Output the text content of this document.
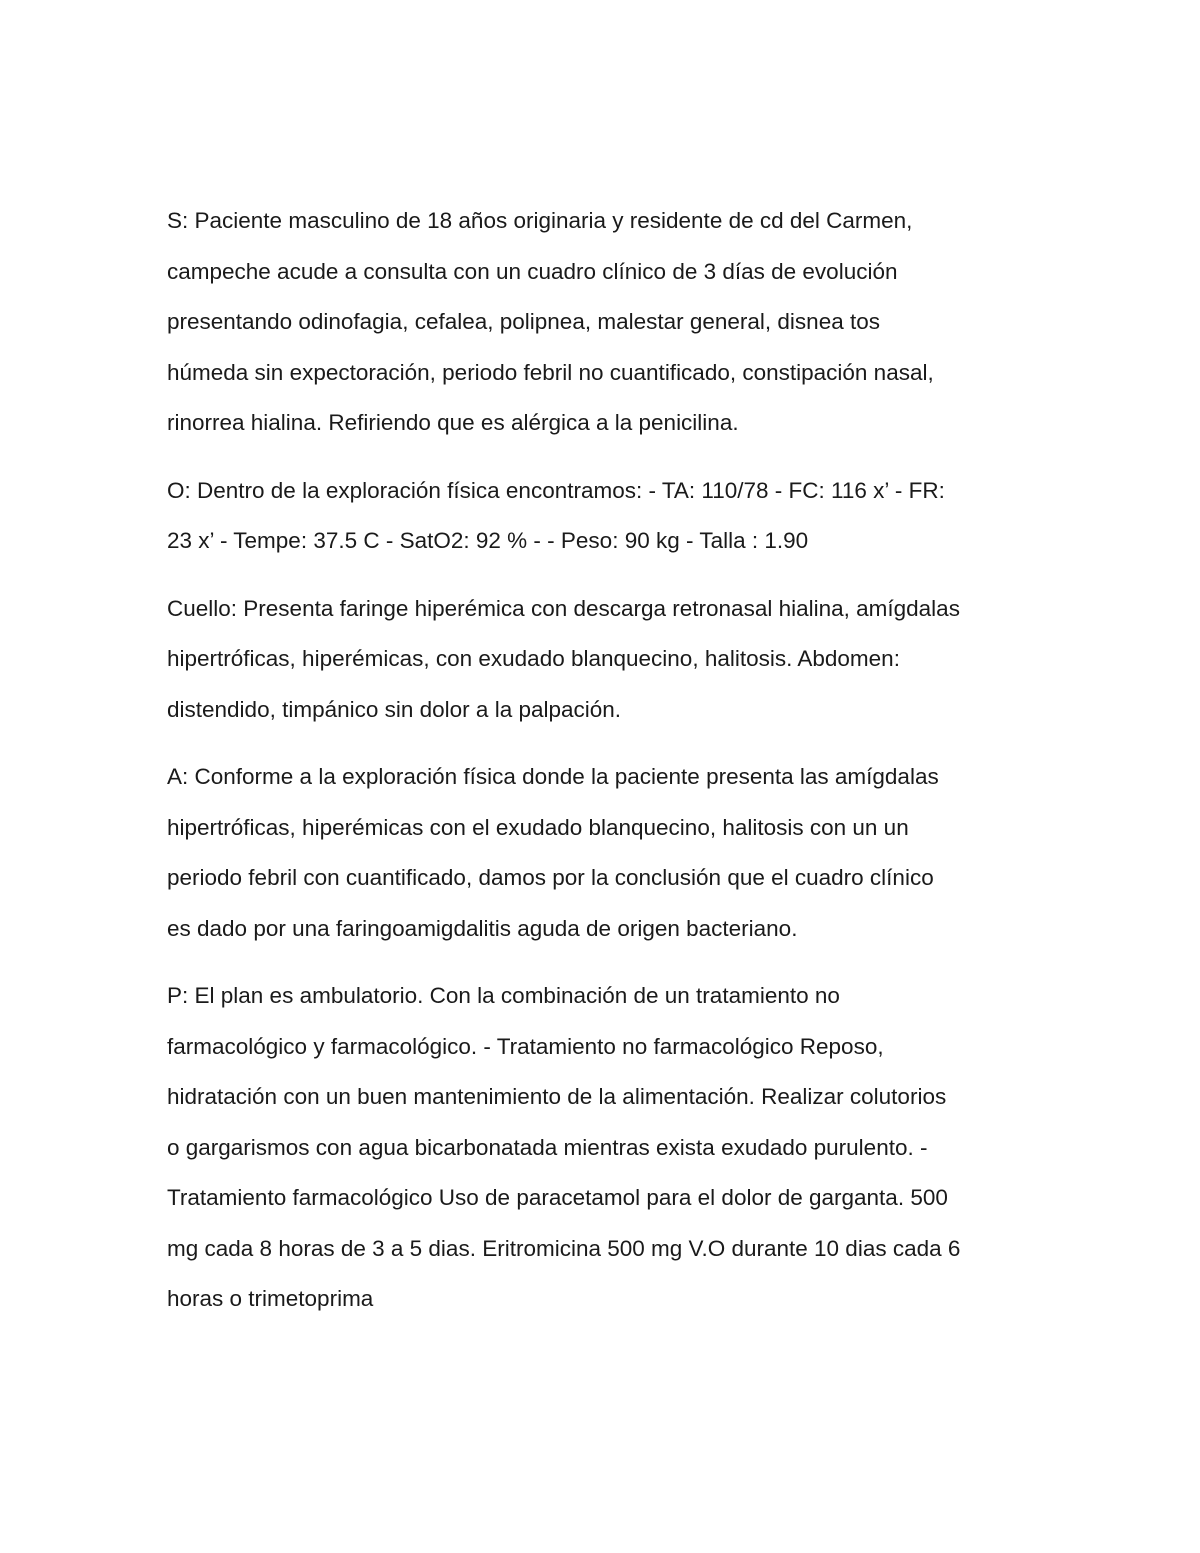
S: Paciente masculino de 18 años originaria y residente de cd del Carmen,
campeche acude a consulta con un cuadro clínico de 3 días de evolución
presentando odinofagia, cefalea, polipnea, malestar general, disnea tos
húmeda sin expectoración, periodo febril no cuantificado, constipación nasal,
rinorrea hialina. Refiriendo que es alérgica a la penicilina.
O: Dentro de la exploración física encontramos: - TA: 110/78 - FC: 116 x’ - FR:
23 x’ - Tempe: 37.5 C - SatO2: 92 % - - Peso: 90 kg - Talla : 1.90
Cuello: Presenta faringe hiperémica con descarga retronasal hialina, amígdalas
hipertróficas, hiperémicas, con exudado blanquecino, halitosis. Abdomen:
distendido, timpánico sin dolor a la palpación.
A: Conforme a la exploración física donde la paciente presenta las amígdalas
hipertróficas, hiperémicas con el exudado blanquecino, halitosis con un un
periodo febril con cuantificado, damos por la conclusión que el cuadro clínico
es dado por una faringoamigdalitis aguda de origen bacteriano.
P: El plan es ambulatorio. Con la combinación de un tratamiento no
farmacológico y farmacológico. - Tratamiento no farmacológico Reposo,
hidratación con un buen mantenimiento de la alimentación. Realizar colutorios
o gargarismos con agua bicarbonatada mientras exista exudado purulento. -
Tratamiento farmacológico Uso de paracetamol para el dolor de garganta. 500
mg cada 8 horas de 3 a 5 dias. Eritromicina 500 mg V.O durante 10 dias cada 6
horas o trimetoprima
